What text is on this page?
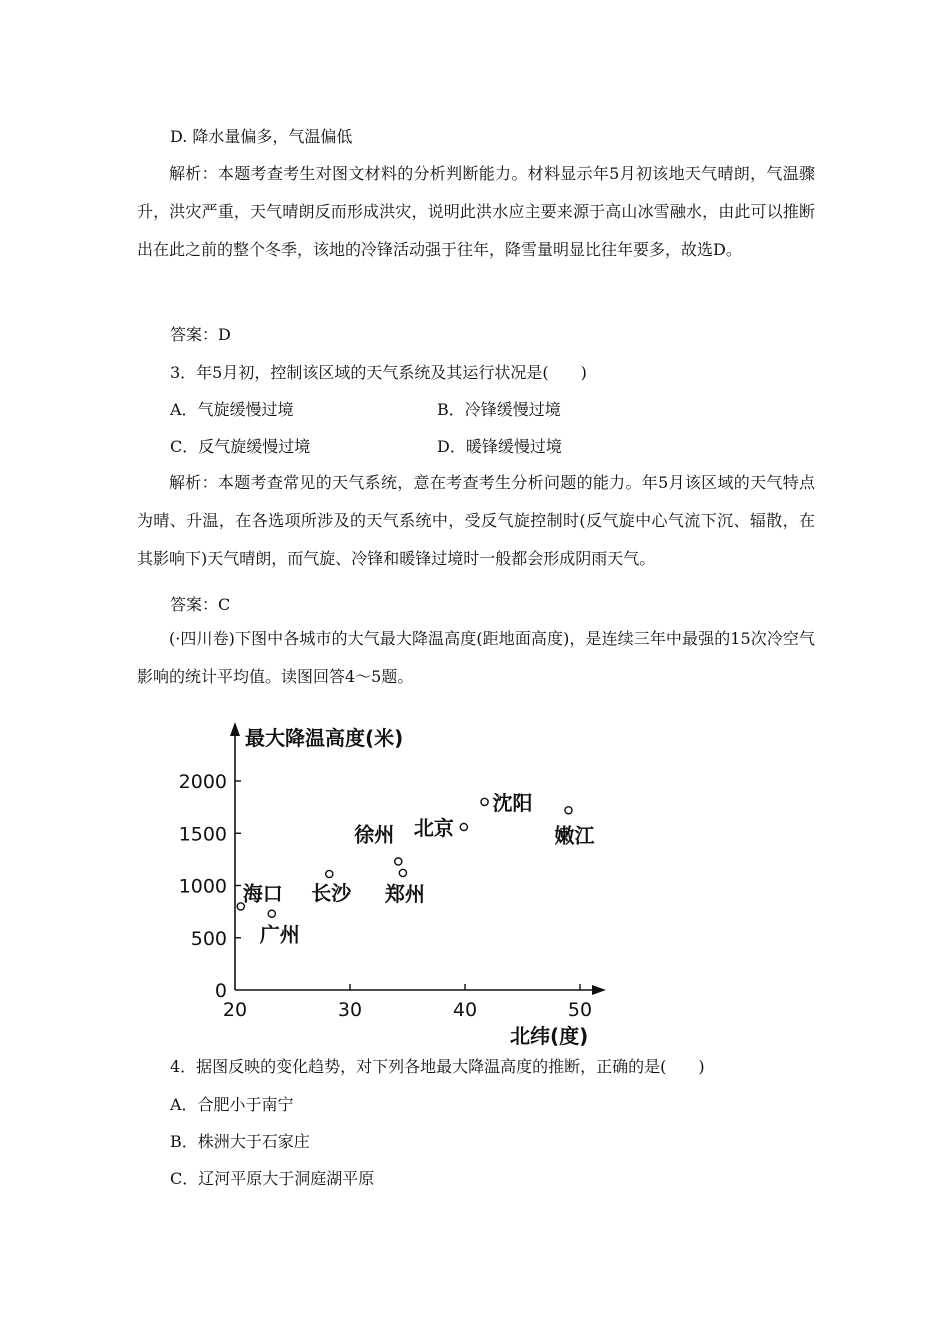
D. 降水量偏多，气温偏低
解析：本题考查考生对图文材料的分析判断能力。材料显示年5月初该地天气晴朗，气温骤升，洪灾严重，天气晴朗反而形成洪灾，说明此洪水应主要来源于高山冰雪融水，由此可以推断出在此之前的整个冬季，该地的冷锋活动强于往年，降雪量明显比往年要多，故选D。
答案：D
3．年5月初，控制该区域的天气系统及其运行状况是(　　)
A．气旋缓慢过境	B．冷锋缓慢过境
C．反气旋缓慢过境	D．暖锋缓慢过境
解析：本题考查常见的天气系统，意在考查考生分析问题的能力。年5月该区域的天气特点为晴、升温，在各选项所涉及的天气系统中，受反气旋控制时(反气旋中心气流下沉、辐散，在其影响下)天气晴朗，而气旋、冷锋和暖锋过境时一般都会形成阴雨天气。
答案：C
(·四川卷)下图中各城市的大气最大降温高度(距地面高度)，是连续三年中最强的15次冷空气影响的统计平均值。读图回答4～5题。
0
500
1000
1500
2000
20	30	40	50
海口
广州
长沙
徐州
郑州
北京
沈阳
嫩江
最大降温高度(米)
北纬(度)
4．据图反映的变化趋势，对下列各地最大降温高度的推断，正确的是(　　)
A．合肥小于南宁
B．株洲大于石家庄
C．辽河平原大于洞庭湖平原
